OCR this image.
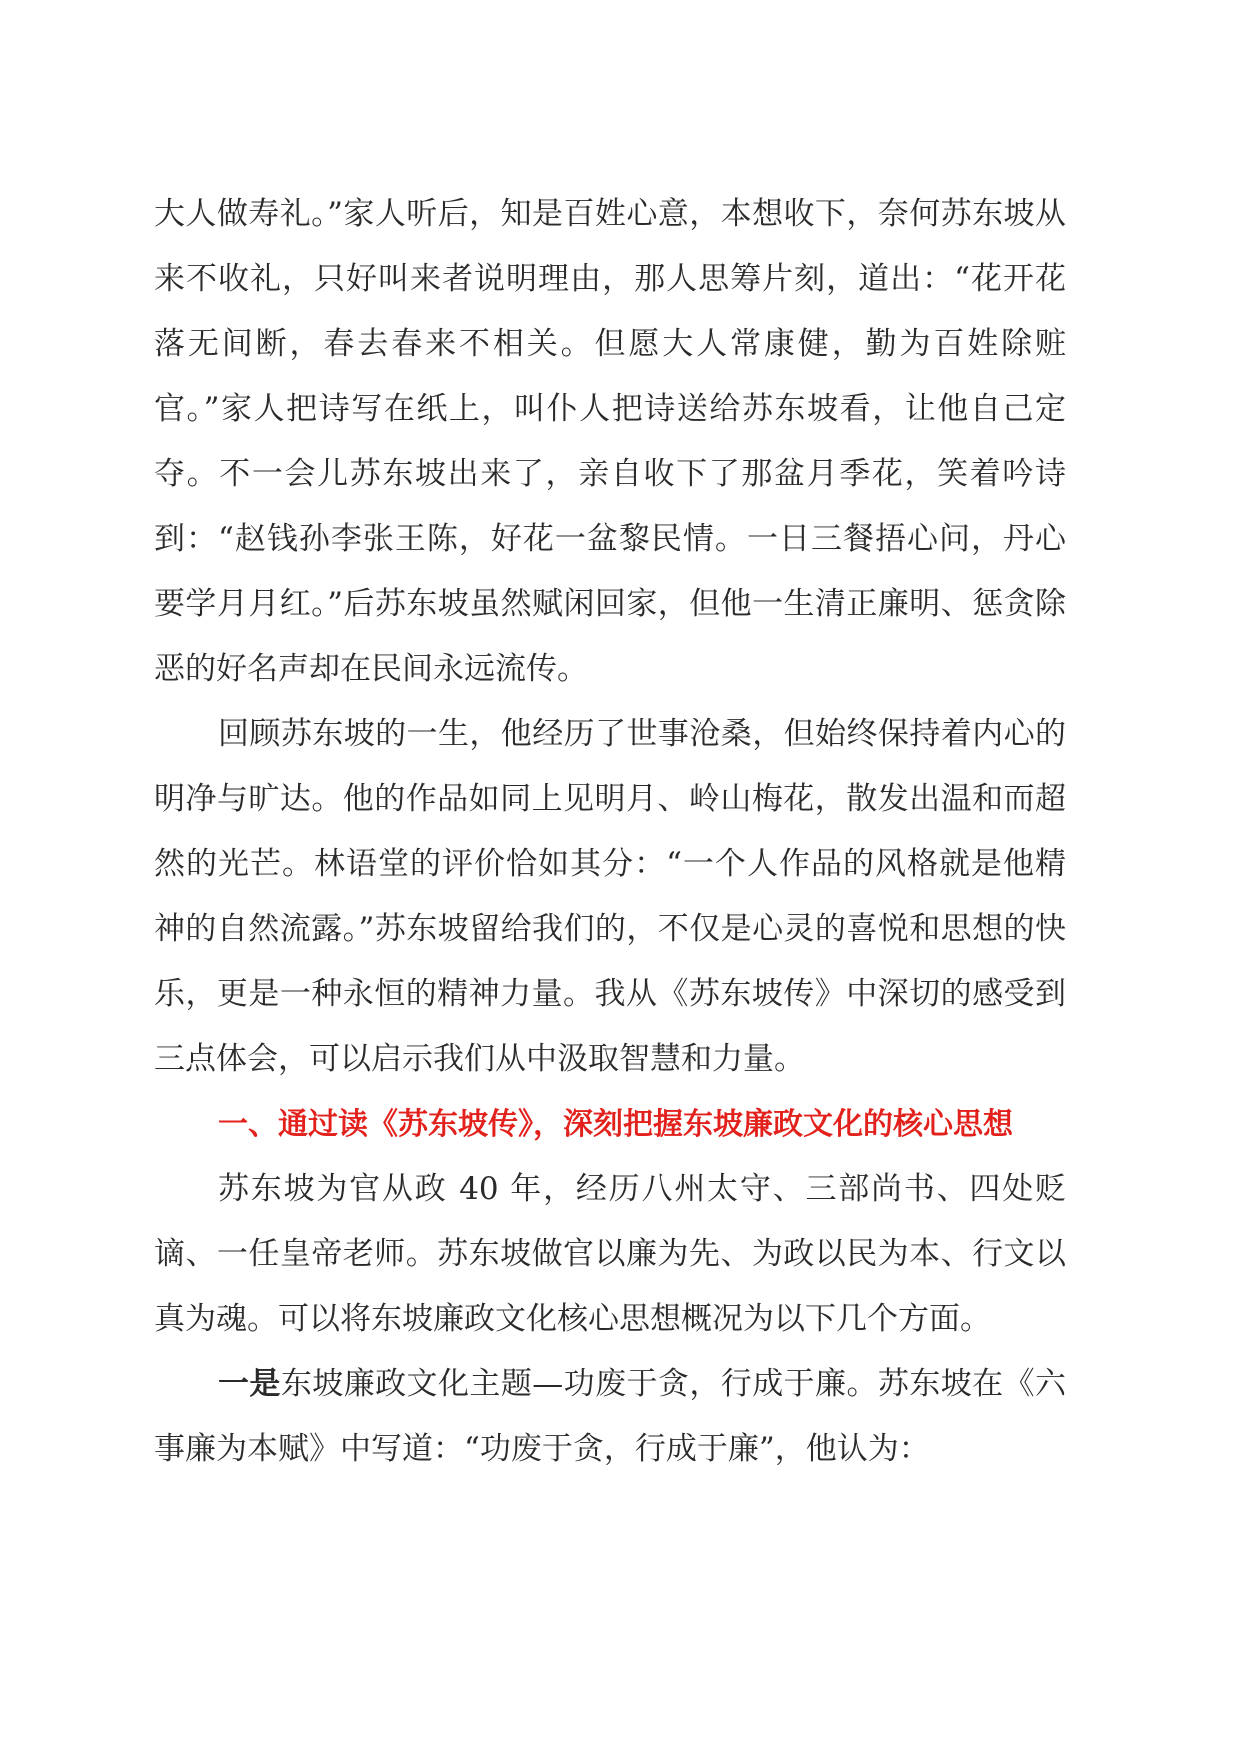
大人做寿礼。”家人听后，知是百姓心意，本想收下，奈何苏东坡从来不收礼，只好叫来者说明理由，那人思筹片刻，道出：“花开花落无间断，春去春来不相关。但愿大人常康健，勤为百姓除赃官。”家人把诗写在纸上，叫仆人把诗送给苏东坡看，让他自己定夺。不一会儿苏东坡出来了，亲自收下了那盆月季花，笑着吟诗到：“赵钱孙李张王陈，好花一盆黎民情。一日三餐捂心问，丹心要学月月红。”后苏东坡虽然赋闲回家，但他一生清正廉明、惩贪除恶的好名声却在民间永远流传。

回顾苏东坡的一生，他经历了世事沧桑，但始终保持着内心的明净与旷达。他的作品如同上见明月、岭山梅花，散发出温和而超然的光芒。林语堂的评价恰如其分：“一个人作品的风格就是他精神的自然流露。”苏东坡留给我们的，不仅是心灵的喜悦和思想的快乐，更是一种永恒的精神力量。我从《苏东坡传》中深切的感受到三点体会，可以启示我们从中汲取智慧和力量。

一、通过读《苏东坡传》，深刻把握东坡廉政文化的核心思想

苏东坡为官从政 40 年，经历八州太守、三部尚书、四处贬谪、一任皇帝老师。苏东坡做官以廉为先、为政以民为本、行文以真为魂。可以将东坡廉政文化核心思想概况为以下几个方面。

一是东坡廉政文化主题—功废于贪，行成于廉。苏东坡在《六事廉为本赋》中写道：“功废于贪，行成于廉”，他认为：
